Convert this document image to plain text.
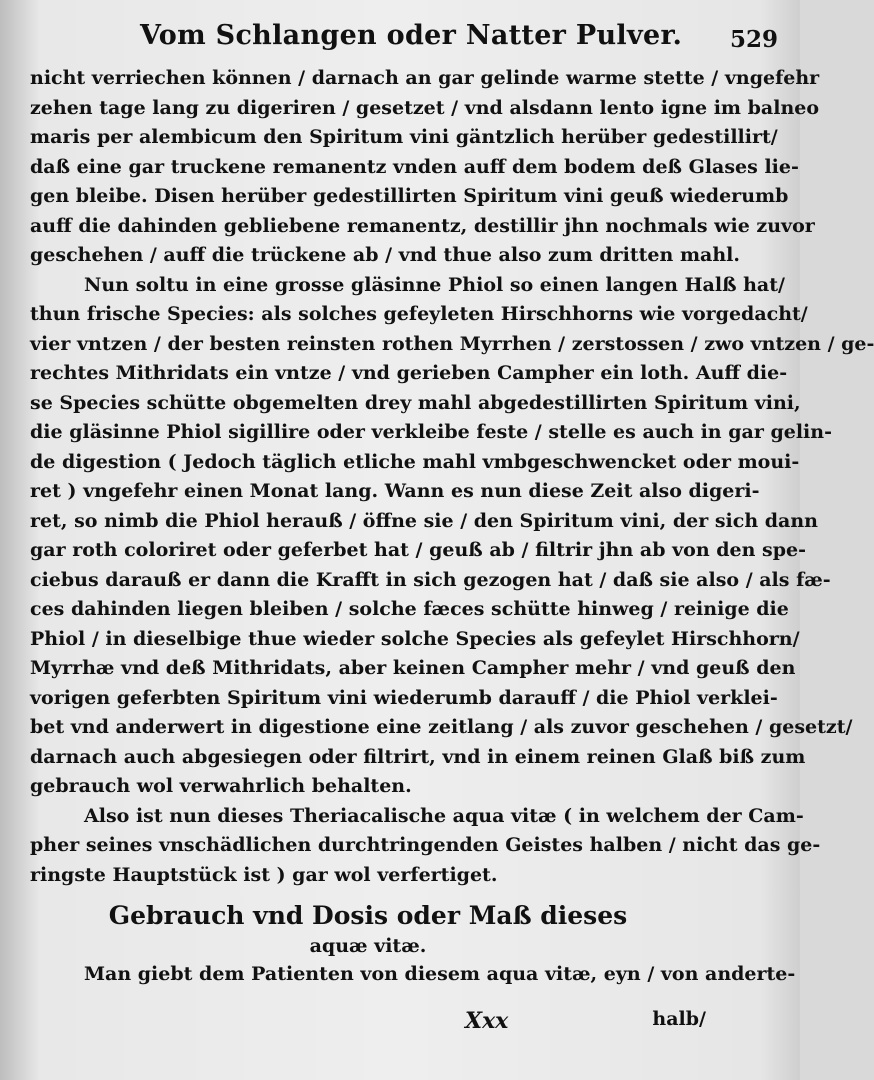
Vom Schlangen oder Natter Pulver. 529
nicht verriechen können / darnach an gar gelinde warme stette / vngefehr
zehen tage lang zu digeriren / gesetzet / vnd alsdann lento igne im balneo
maris per alembicum den Spiritum vini gäntzlich herüber gedestillirt/
daß eine gar truckene remanentz vnden auff dem bodem deß Glases lie-
gen bleibe. Disen herüber gedestillirten Spiritum vini geuß wiederumb
auff die dahinden gebliebene remanentz, destillir jhn nochmals wie zuvor
geschehen / auff die trückene ab / vnd thue also zum dritten mahl.
Nun soltu in eine grosse gläsinne Phiol so einen langen Halß hat/
thun frische Species: als solches gefeyleten Hirschhorns wie vorgedacht/
vier vntzen / der besten reinsten rothen Myrrhen / zerstossen / zwo vntzen / ge-
rechtes Mithridats ein vntze / vnd gerieben Campher ein loth. Auff die-
se Species schütte obgemelten drey mahl abgedestillirten Spiritum vini,
die gläsinne Phiol sigillire oder verkleibe feste / stelle es auch in gar gelin-
de digestion ( Jedoch täglich etliche mahl vmbgeschwencket oder moui-
ret ) vngefehr einen Monat lang. Wann es nun diese Zeit also digeri-
ret, so nimb die Phiol herauß / öffne sie / den Spiritum vini, der sich dann
gar roth coloriret oder geferbet hat / geuß ab / filtrir jhn ab von den spe-
ciebus darauß er dann die Krafft in sich gezogen hat / daß sie also / als fæ-
ces dahinden liegen bleiben / solche fæces schütte hinweg / reinige die
Phiol / in dieselbige thue wieder solche Species als gefeylet Hirschhorn/
Myrrhæ vnd deß Mithridats, aber keinen Campher mehr / vnd geuß den
vorigen geferbten Spiritum vini wiederumb darauff / die Phiol verklei-
bet vnd anderwert in digestione eine zeitlang / als zuvor geschehen / gesetzt/
darnach auch abgesiegen oder filtrirt, vnd in einem reinen Glaß biß zum
gebrauch wol verwahrlich behalten.
Also ist nun dieses Theriacalische aqua vitæ ( in welchem der Cam-
pher seines vnschädlichen durchtringenden Geistes halben / nicht das ge-
ringste Hauptstück ist ) gar wol verfertiget.
Gebrauch vnd Dosis oder Maß dieses
aquæ vitæ.
Man giebt dem Patienten von diesem aqua vitæ, eyn / von anderte-
Xxx	halb/
